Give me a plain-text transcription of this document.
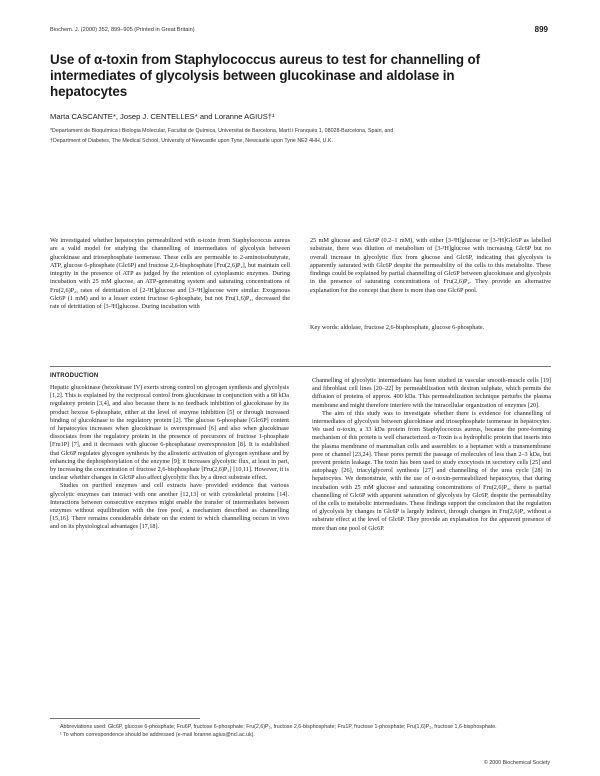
Biochem. J. (2000) 352, 899–905 (Printed in Great Britain)	899
Use of α-toxin from Staphylococcus aureus to test for channelling of intermediates of glycolysis between glucokinase and aldolase in hepatocytes
Marta CASCANTE*, Josep J. CENTELLES* and Loranne AGIUS†¹
*Departament de Bioquímica i Biologia Molecular, Facultat de Química, Universitat de Barcelona, Martí i Franquès 1, 08028-Barcelona, Spain, and
†Department of Diabetes, The Medical School, University of Newcastle upon Tyne, Newcastle upon Tyne NE2 4HH, U.K.
We investigated whether hepatocytes permeabilized with α-toxin from Staphylococcus aureus are a valid model for studying the channelling of intermediates of glycolysis between glucokinase and triosephosphate isomerase. These cells are permeable to 2-aminoisobutyrate, ATP, glucose 6-phosphate (Glc6P) and fructose 2,6-bisphosphate [Fru(2,6)P₂], but maintain cell integrity in the presence of ATP as judged by the retention of cytoplasmic enzymes. During incubation with 25 mM glucose, an ATP-generating system and saturating concentrations of Fru(2,6)P₂, rates of detritiation of [2-³H]glucose and [3-³H]glucose were similar. Exogenous Glc6P (1 mM) and to a lesser extent fructose 6-phosphate, but not Fru(1,6)P₂, decreased the rate of detritiation of [3-³H]glucose. During incubation with
25 mM glucose and Glc6P (0.2–1 mM), with either [3-³H]glucose or [3-³H]Glc6P as labelled substrate, there was dilution of metabolism of [3-³H]glucose with increasing Glc6P but no overall increase in glycolytic flux from glucose and Glc6P, indicating that glycolysis is apparently saturated with Glc6P despite the permeability of the cells to this metabolite. These findings could be explained by partial channelling of Glc6P between glucokinase and glycolysis in the presence of saturating concentrations of Fru(2,6)P₂. They provide an alternative explanation for the concept that there is more than one Glc6P pool.
Key words: aldolase, fructose 2,6-bisphosphate, glucose 6-phosphate.
INTRODUCTION

Hepatic glucokinase (hexokinase IV) exerts strong control on glycogen synthesis and glycolysis [1,2]. This is explained by the reciprocal control from glucokinase in conjunction with a 68 kDa regulatory protein [3,4], and also because there is no feedback inhibition of glucokinase by its product hexose 6-phosphate, either at the level of enzyme inhibition [5] or through increased binding of glucokinase to the regulatory protein [2]. The glucose 6-phosphate [Glc6P] content of hepatocytes increases when glucokinase is overexpressed [6] and also when glucokinase dissociates from the regulatory protein in the presence of precursors of fructose 1-phosphate [Fru1P] [7], and it decreases with glucose 6-phosphatase overexpression [8]. It is established that Glc6P regulates glycogen synthesis by the allosteric activation of glycogen synthase and by enhancing the dephosphorylation of the enzyme [9]; it increases glycolytic flux, at least in part, by increasing the concentration of fructose 2,6-bisphosphate [Fru(2,6)P₂] [10,11]. However, it is unclear whether changes in Glc6P also affect glycolytic flux by a direct substrate effect.

Studies on purified enzymes and cell extracts have provided evidence that various glycolytic enzymes can interact with one another [12,13] or with cytoskeletal proteins [14]. Interactions between consecutive enzymes might enable the transfer of intermediates between enzymes without equilibration with the free pool, a mechanism described as channelling [15,16]. There remains considerable debate on the extent to which channelling occurs in vivo and on its physiological advantages [17,18].

Channelling of glycolytic intermediates has been studied in vascular smooth-muscle cells [19] and fibroblast cell lines [20–22] by permeabilization with dextran sulphate, which permits the diffusion of proteins of approx. 400 kDa. This permeabilization technique perturbs the plasma membrane and might therefore interfere with the intracellular organization of enzymes [20].

The aim of this study was to investigate whether there is evidence for channelling of intermediates of glycolysis between glucokinase and triosephosphate isomerase in hepatocytes. We used α-toxin, a 33 kDa protein from Staphylococcus aureus, because the pore-forming mechanism of this protein is well characterized. α-Toxin is a hydrophilic protein that inserts into the plasma membrane of mammalian cells and assembles to a heptamer with a transmembrane pore or channel [23,24]. These pores permit the passage of molecules of less than 2–3 kDa, but prevent protein leakage. The toxin has been used to study exocytosis in secretory cells [25] and autophagy [26], triacylglycerol synthesis [27] and channelling of the urea cycle [28] in hepatocytes. We demonstrate, with the use of α-toxin-permeabilized hepatocytes, that during incubation with 25 mM glucose and saturating concentrations of Fru(2,6)P₂, there is partial channelling of Glc6P with apparent saturation of glycolysis by Glc6P, despite the permeability of the cells to metabolic intermediates. These findings support the conclusion that the regulation of glycolysis by changes in Glc6P is largely indirect, through changes in Fru(2,6)P₂ without a substrate effect at the level of Glc6P. They provide an explanation for the apparent presence of more than one pool of Glc6P.

Abbreviations used: Glc6P, glucose 6-phosphate; Fru6P, fructose 6-phosphate; Fru(2,6)P₂, fructose 2,6-bisphosphate; Fru1P, fructose 1-phosphate; Fru(1,6)P₂, fructose 1,6-bisphosphate.

¹ To whom correspondence should be addressed (e-mail loranne.agius@ncl.ac.uk).

© 2000 Biochemical Society
